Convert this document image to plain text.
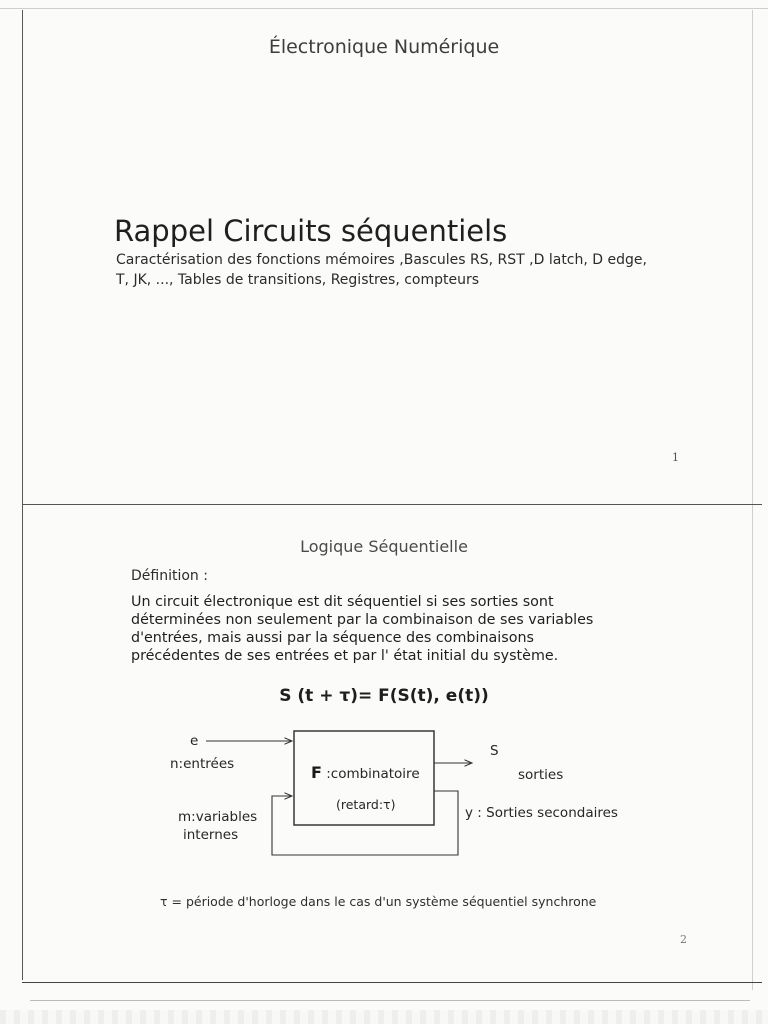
Électronique Numérique
Rappel Circuits séquentiels
Caractérisation des fonctions mémoires ,Bascules RS, RST ,D latch, D edge,
T, JK, ..., Tables de transitions, Registres, compteurs
1
Logique Séquentielle
Définition :
Un circuit électronique est dit séquentiel si ses sorties sont
déterminées non seulement par la combinaison de ses variables
d'entrées, mais aussi par la séquence des combinaisons
précédentes de ses entrées et par l' état initial du système.
S (t + τ)= F(S(t), e(t))
e
n:entrées	F :combinatoire
(retard:τ)
S
sorties
y : Sorties secondaires
m:variables
internes
τ = période d'horloge dans le cas d'un système séquentiel synchrone
2
